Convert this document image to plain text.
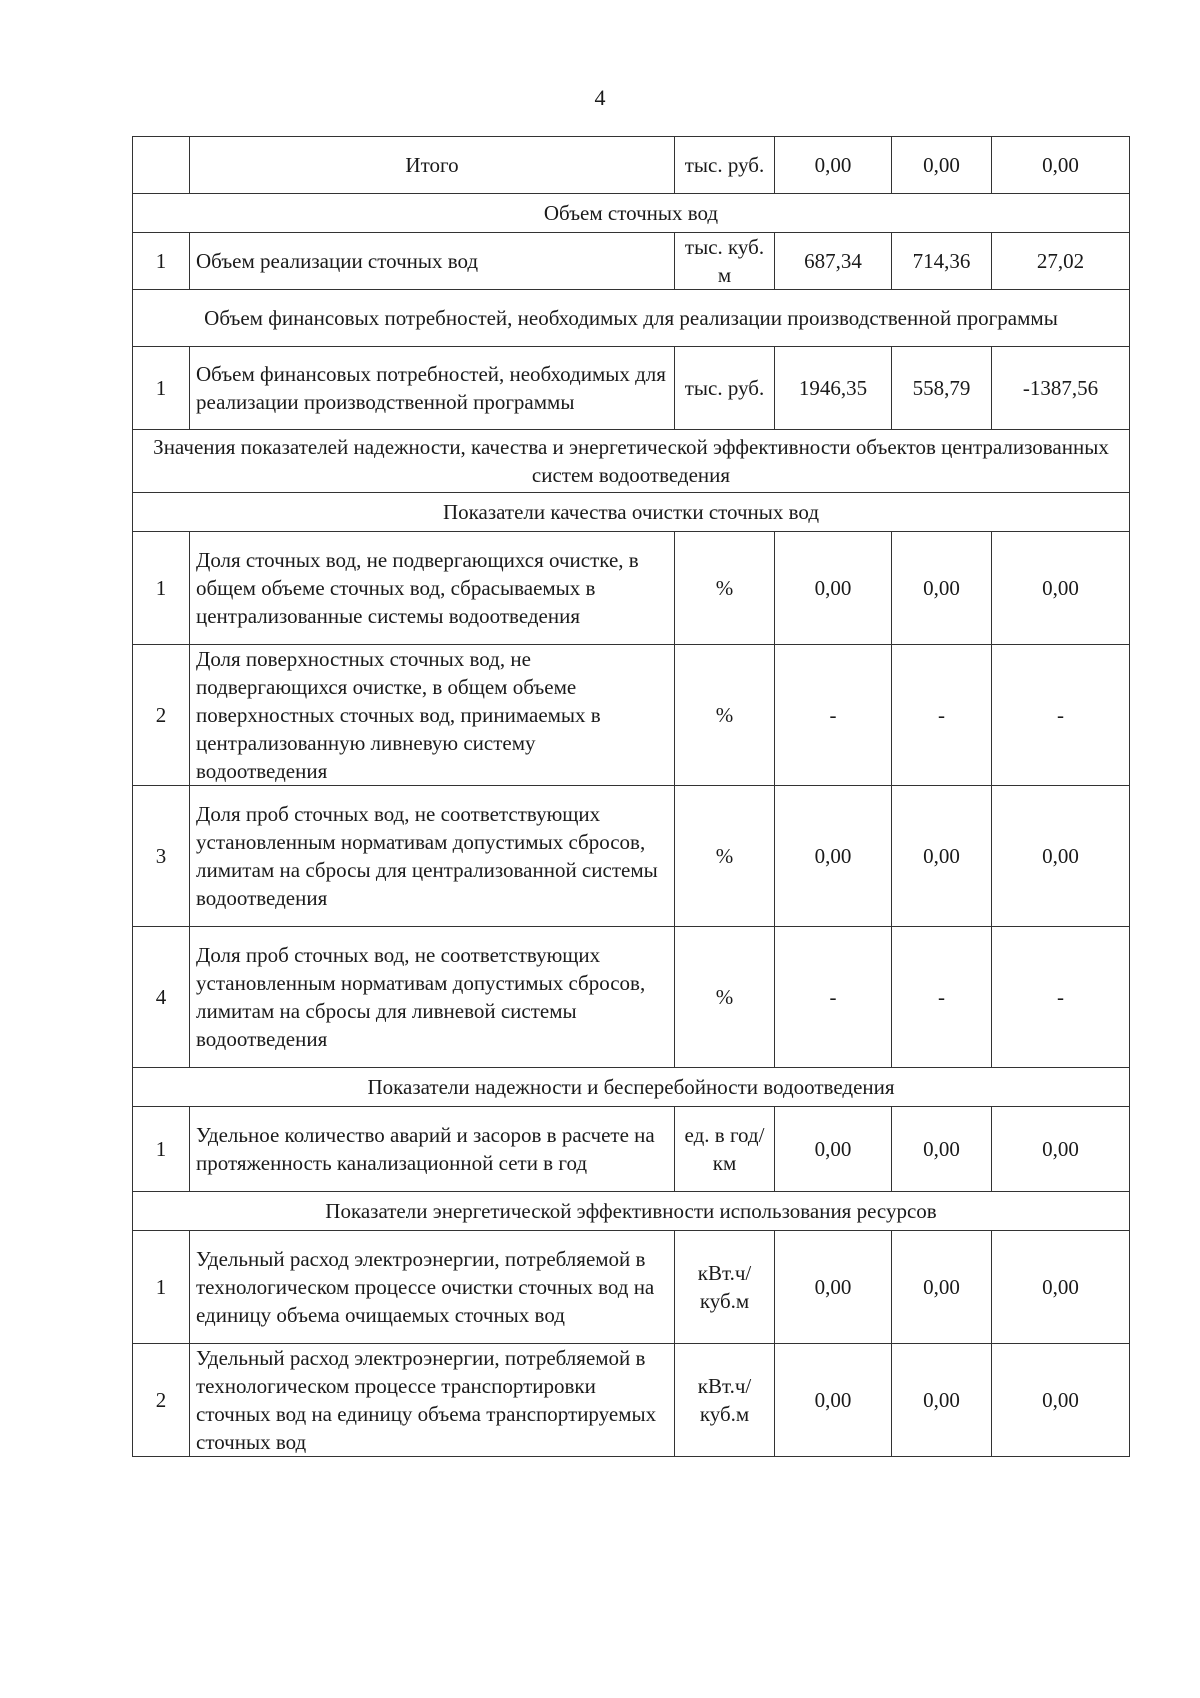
4
	Итого	тыс. руб.	0,00	0,00	0,00
Объем сточных вод					
1	Объем реализации сточных вод	тыс. куб. м	687,34	714,36	27,02
Объем финансовых потребностей, необходимых для реализации производственной программы					
1	Объем финансовых потребностей, необходимых для реализации производственной программы	тыс. руб.	1946,35	558,79	-1387,56
Значения показателей надежности, качества и энергетической эффективности объектов централизованных систем водоотведения					
Показатели качества очистки сточных вод					
1	Доля сточных вод, не подвергающихся очистке, в общем объеме сточных вод, сбрасываемых в централизованные системы водоотведения	%	0,00	0,00	0,00
2	Доля поверхностных сточных вод, не подвергающихся очистке, в общем объеме поверхностных сточных вод, принимаемых в централизованную ливневую систему водоотведения	%	-	-	-
3	Доля проб сточных вод, не соответствующих установленным нормативам допустимых сбросов, лимитам на сбросы для централизованной системы водоотведения	%	0,00	0,00	0,00
4	Доля проб сточных вод, не соответствующих установленным нормативам допустимых сбросов, лимитам на сбросы для ливневой системы водоотведения	%	-	-	-
Показатели надежности и бесперебойности водоотведения					
1	Удельное количество аварий и засоров в расчете на протяженность канализационной сети в год	ед. в год/ км	0,00	0,00	0,00
Показатели энергетической эффективности использования ресурсов					
1	Удельный расход электроэнергии, потребляемой в технологическом процессе очистки сточных вод на единицу объема очищаемых сточных вод	кВт.ч/ куб.м	0,00	0,00	0,00
2	Удельный расход электроэнергии, потребляемой в технологическом процессе транспортировки сточных вод на единицу объема транспортируемых сточных вод	кВт.ч/ куб.м	0,00	0,00	0,00
